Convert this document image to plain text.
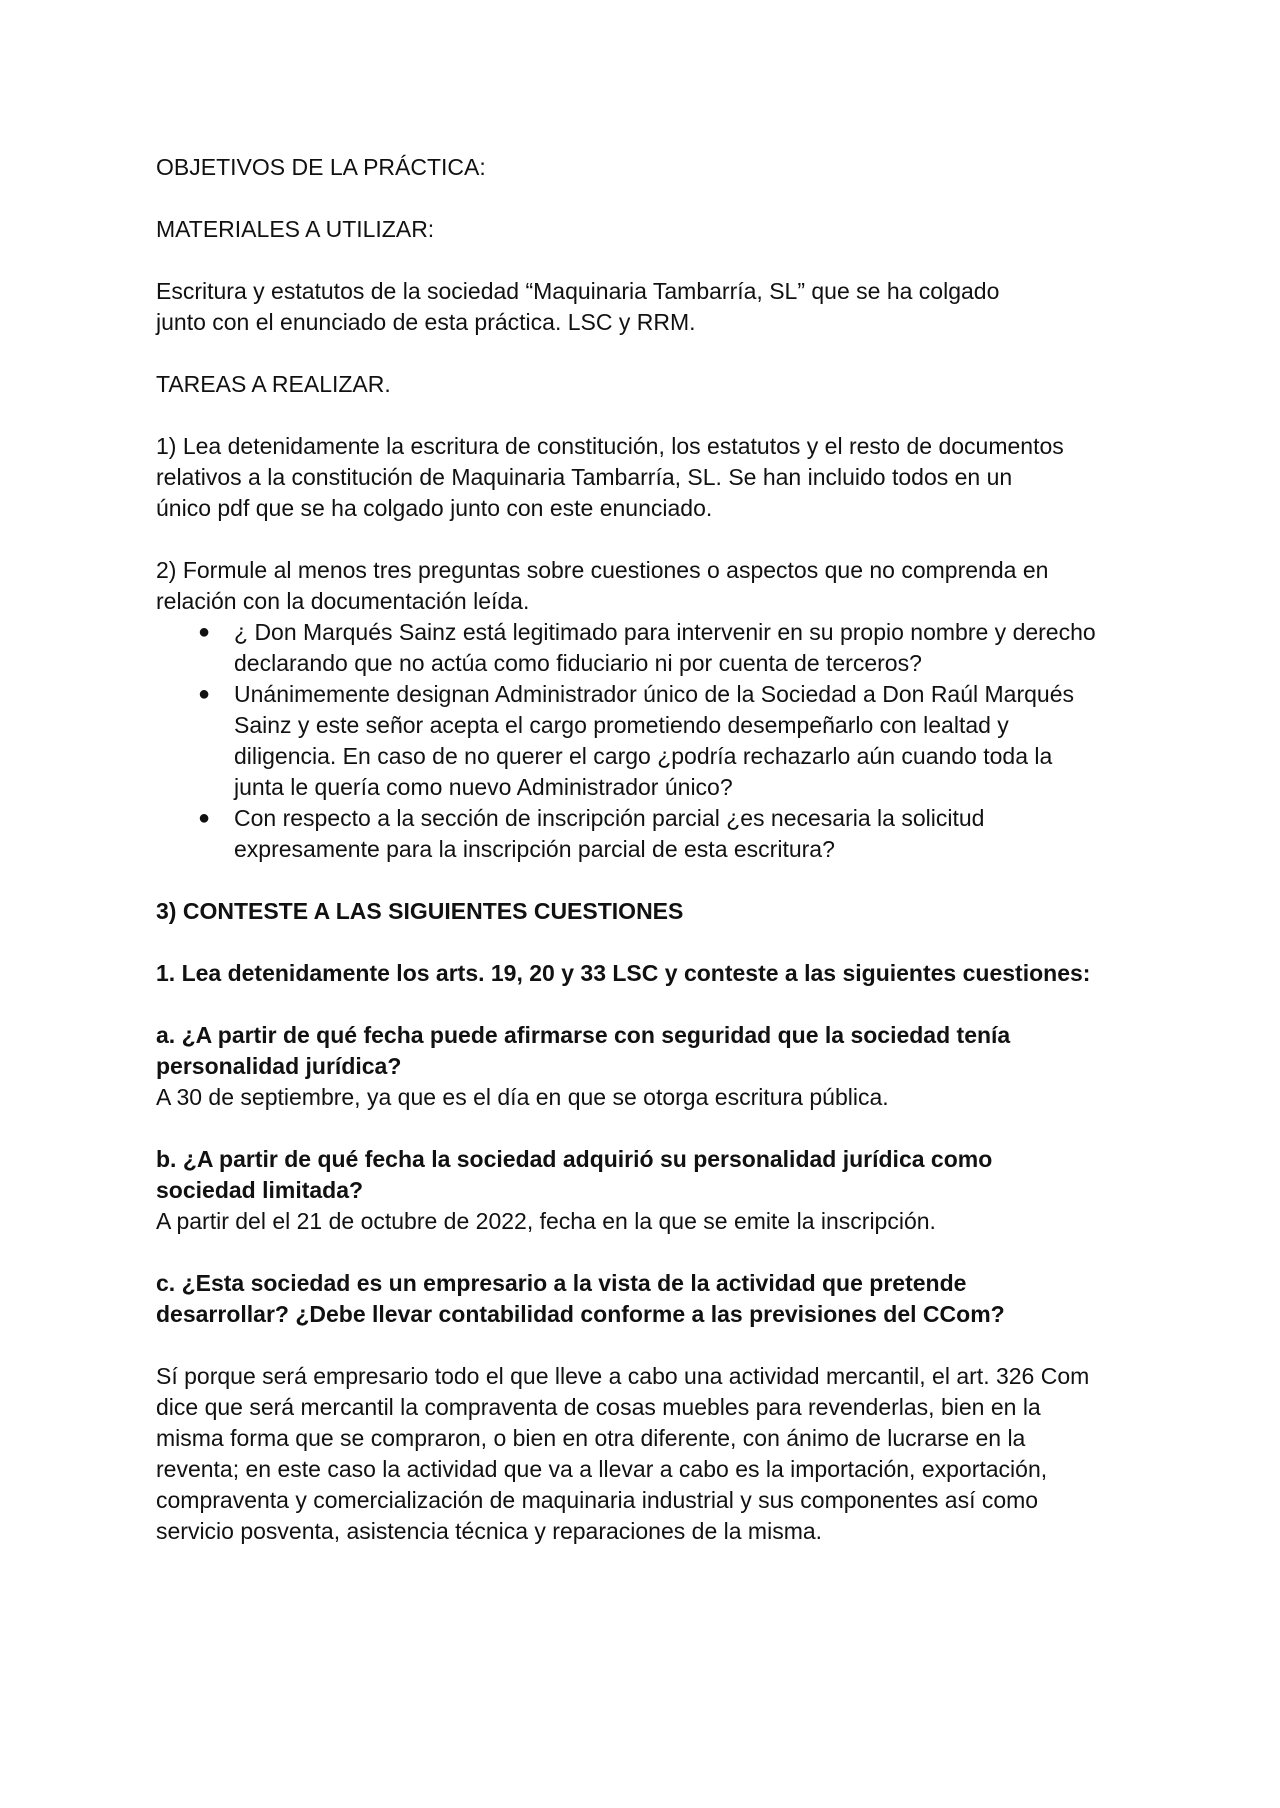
OBJETIVOS DE LA PRÁCTICA:

MATERIALES A UTILIZAR:

Escritura y estatutos de la sociedad “Maquinaria Tambarría, SL” que se ha colgado

junto con el enunciado de esta práctica. LSC y RRM.

TAREAS A REALIZAR.

1) Lea detenidamente la escritura de constitución, los estatutos y el resto de documentos

relativos a la constitución de Maquinaria Tambarría, SL. Se han incluido todos en un

único pdf que se ha colgado junto con este enunciado.

2) Formule al menos tres preguntas sobre cuestiones o aspectos que no comprenda en

relación con la documentación leída.

● ¿ Don Marqués Sainz está legitimado para intervenir en su propio nombre y derecho

declarando que no actúa como fiduciario ni por cuenta de terceros?

● Unánimemente designan Administrador único de la Sociedad a Don Raúl Marqués

Sainz y este señor acepta el cargo prometiendo desempeñarlo con lealtad y

diligencia. En caso de no querer el cargo ¿podría rechazarlo aún cuando toda la

junta le quería como nuevo Administrador único?

● Con respecto a la sección de inscripción parcial ¿es necesaria la solicitud

expresamente para la inscripción parcial de esta escritura?

3) CONTESTE A LAS SIGUIENTES CUESTIONES

1. Lea detenidamente los arts. 19, 20 y 33 LSC y conteste a las siguientes cuestiones:

a. ¿A partir de qué fecha puede afirmarse con seguridad que la sociedad tenía

personalidad jurídica?

A 30 de septiembre, ya que es el día en que se otorga escritura pública.

b. ¿A partir de qué fecha la sociedad adquirió su personalidad jurídica como

sociedad limitada?

A partir del el 21 de octubre de 2022, fecha en la que se emite la inscripción.

c. ¿Esta sociedad es un empresario a la vista de la actividad que pretende

desarrollar? ¿Debe llevar contabilidad conforme a las previsiones del CCom?

Sí porque será empresario todo el que lleve a cabo una actividad mercantil, el art. 326 Com

dice que será mercantil la compraventa de cosas muebles para revenderlas, bien en la

misma forma que se compraron, o bien en otra diferente, con ánimo de lucrarse en la

reventa; en este caso la actividad que va a llevar a cabo es la importación, exportación,

compraventa y comercialización de maquinaria industrial y sus componentes así como

servicio posventa, asistencia técnica y reparaciones de la misma.
